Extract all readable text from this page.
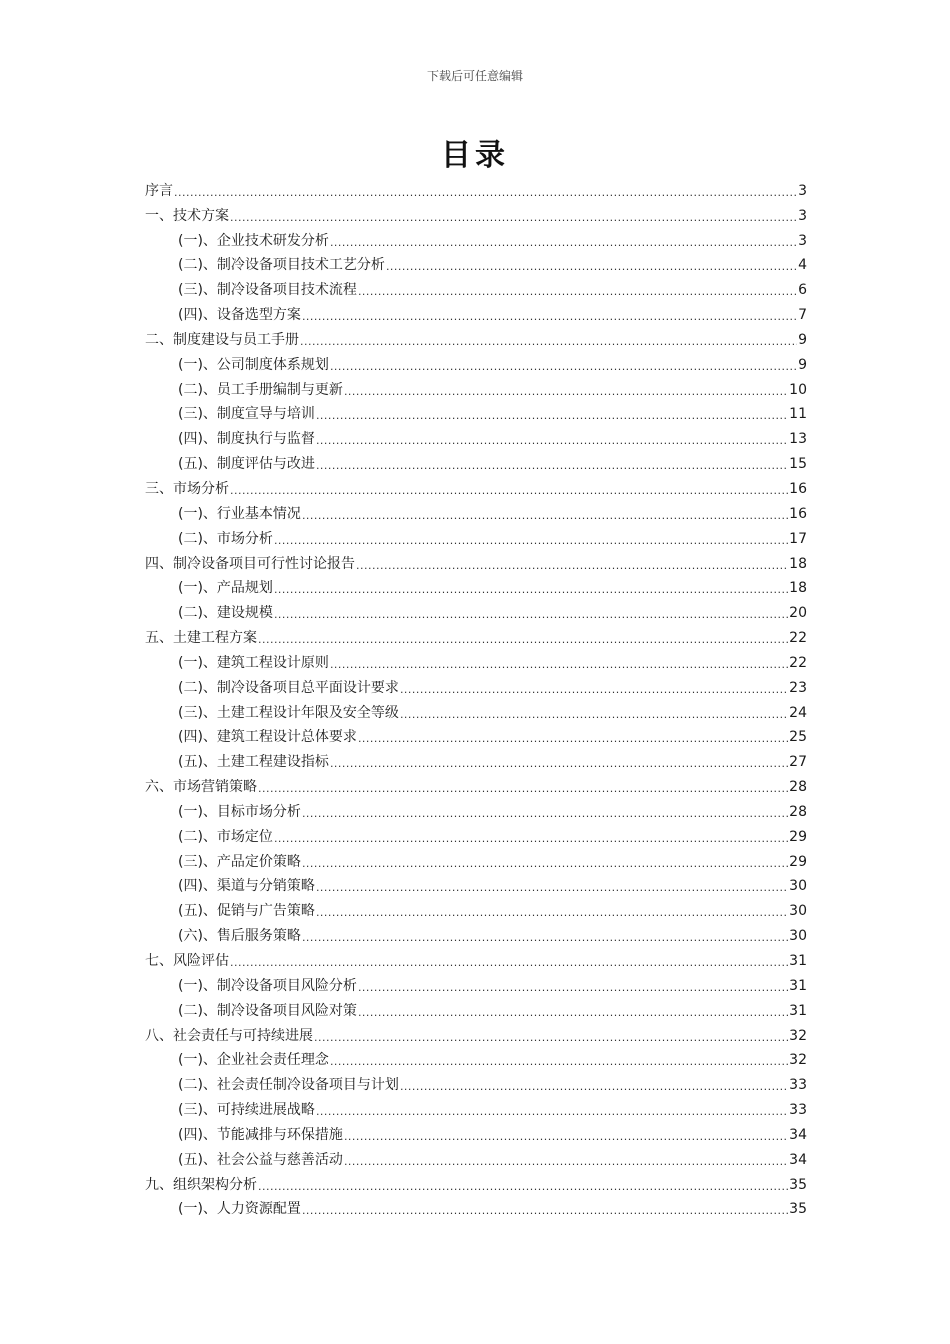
下载后可任意编辑
目录
序言 .....	3
一、技术方案 .....	3
(一)、企业技术研发分析 .....	3
(二)、制冷设备项目技术工艺分析 .....	4
(三)、制冷设备项目技术流程 .....	6
(四)、设备选型方案 .....	7
二、制度建设与员工手册 .....	9
(一)、公司制度体系规划 .....	9
(二)、员工手册编制与更新 .....	10
(三)、制度宣导与培训 .....	11
(四)、制度执行与监督 .....	13
(五)、制度评估与改进 .....	15
三、市场分析 .....	16
(一)、行业基本情况 .....	16
(二)、市场分析 .....	17
四、制冷设备项目可行性讨论报告 .....	18
(一)、产品规划 .....	18
(二)、建设规模 .....	20
五、土建工程方案 .....	22
(一)、建筑工程设计原则 .....	22
(二)、制冷设备项目总平面设计要求 .....	23
(三)、土建工程设计年限及安全等级 .....	24
(四)、建筑工程设计总体要求 .....	25
(五)、土建工程建设指标 .....	27
六、市场营销策略 .....	28
(一)、目标市场分析 .....	28
(二)、市场定位 .....	29
(三)、产品定价策略 .....	29
(四)、渠道与分销策略 .....	30
(五)、促销与广告策略 .....	30
(六)、售后服务策略 .....	30
七、风险评估 .....	31
(一)、制冷设备项目风险分析 .....	31
(二)、制冷设备项目风险对策 .....	31
八、社会责任与可持续进展 .....	32
(一)、企业社会责任理念 .....	32
(二)、社会责任制冷设备项目与计划 .....	33
(三)、可持续进展战略 .....	33
(四)、节能减排与环保措施 .....	34
(五)、社会公益与慈善活动 .....	34
九、组织架构分析 .....	35
(一)、人力资源配置 .....	35
